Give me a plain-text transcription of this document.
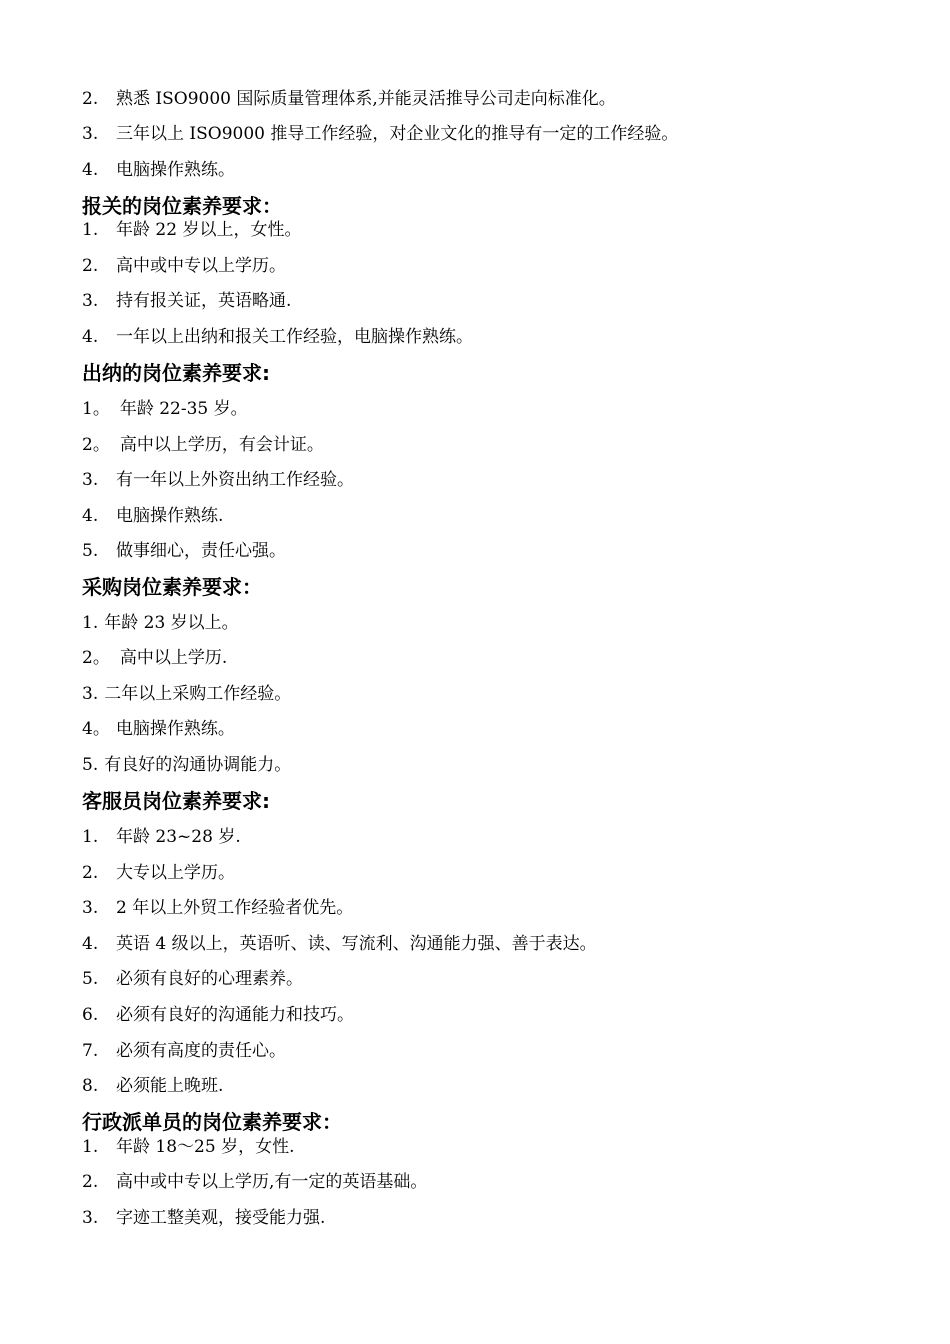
2. 熟悉 ISO9000 国际质量管理体系,并能灵活推导公司走向标准化。
3. 三年以上 ISO9000 推导工作经验，对企业文化的推导有一定的工作经验。
4. 电脑操作熟练。
报关的岗位素养要求：
1. 年龄 22 岁以上，女性。
2. 高中或中专以上学历。
3. 持有报关证，英语略通.
4. 一年以上出纳和报关工作经验，电脑操作熟练。
出纳的岗位素养要求:
1。 年龄 22-35 岁。
2。 高中以上学历，有会计证。
3. 有一年以上外资出纳工作经验。
4. 电脑操作熟练.
5. 做事细心，责任心强。
采购岗位素养要求：
1. 年龄 23 岁以上。
2。 高中以上学历.
3. 二年以上采购工作经验。
4。 电脑操作熟练。
5. 有良好的沟通协调能力。
客服员岗位素养要求:
1. 年龄 23~28 岁.
2. 大专以上学历。
3. 2 年以上外贸工作经验者优先。
4. 英语 4 级以上，英语听、读、写流利、沟通能力强、善于表达。
5. 必须有良好的心理素养。
6. 必须有良好的沟通能力和技巧。
7. 必须有高度的责任心。
8. 必须能上晚班.
行政派单员的岗位素养要求：
1. 年龄 18～25 岁，女性.
2. 高中或中专以上学历,有一定的英语基础。
3. 字迹工整美观，接受能力强.
